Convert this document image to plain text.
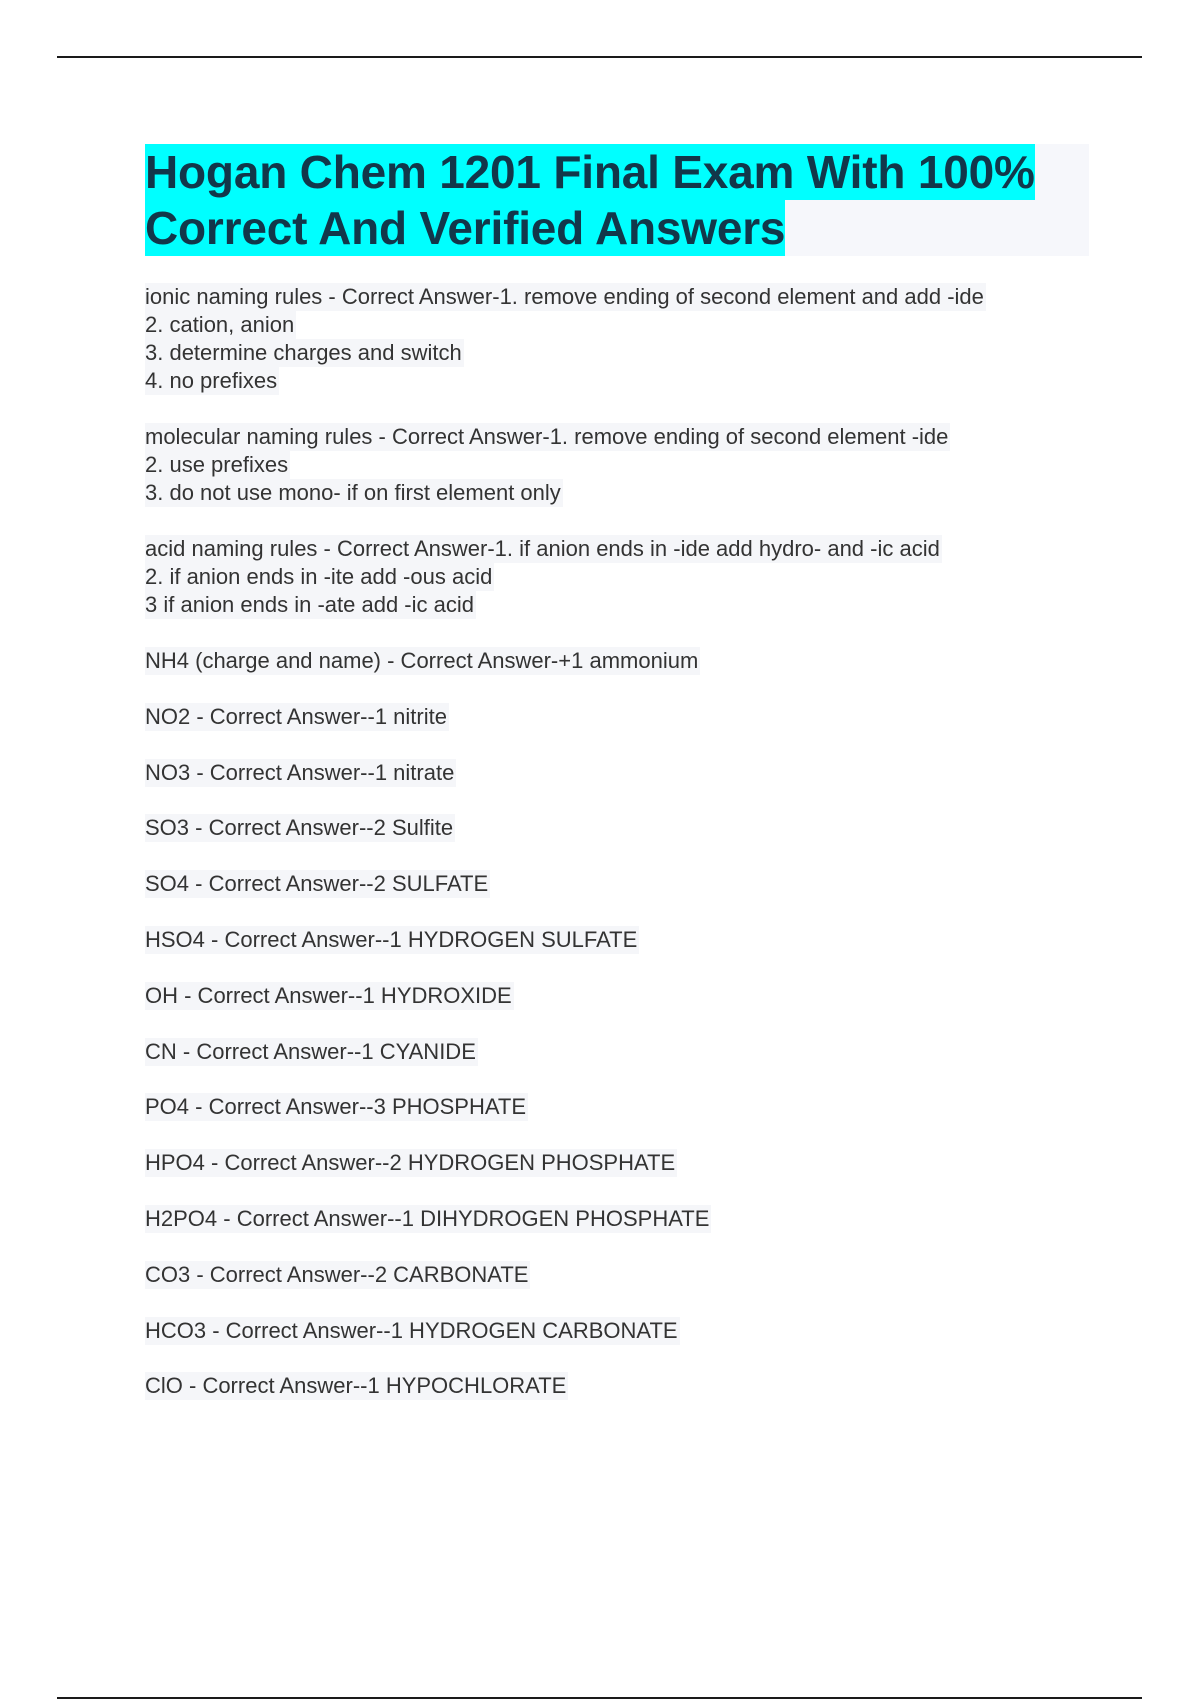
Hogan Chem 1201 Final Exam With 100%
Correct And Verified Answers
ionic naming rules - Correct Answer-1. remove ending of second element and add -ide
2. cation, anion
3. determine charges and switch
4. no prefixes
molecular naming rules - Correct Answer-1. remove ending of second element -ide
2. use prefixes
3. do not use mono- if on first element only
acid naming rules - Correct Answer-1. if anion ends in -ide add hydro- and -ic acid
2. if anion ends in -ite add -ous acid
3 if anion ends in -ate add -ic acid
NH4 (charge and name) - Correct Answer-+1 ammonium
NO2 - Correct Answer--1 nitrite
NO3 - Correct Answer--1 nitrate
SO3 - Correct Answer--2 Sulfite
SO4 - Correct Answer--2 SULFATE
HSO4 - Correct Answer--1 HYDROGEN SULFATE
OH - Correct Answer--1 HYDROXIDE
CN - Correct Answer--1 CYANIDE
PO4 - Correct Answer--3 PHOSPHATE
HPO4 - Correct Answer--2 HYDROGEN PHOSPHATE
H2PO4 - Correct Answer--1 DIHYDROGEN PHOSPHATE
CO3 - Correct Answer--2 CARBONATE
HCO3 - Correct Answer--1 HYDROGEN CARBONATE
ClO - Correct Answer--1 HYPOCHLORATE
